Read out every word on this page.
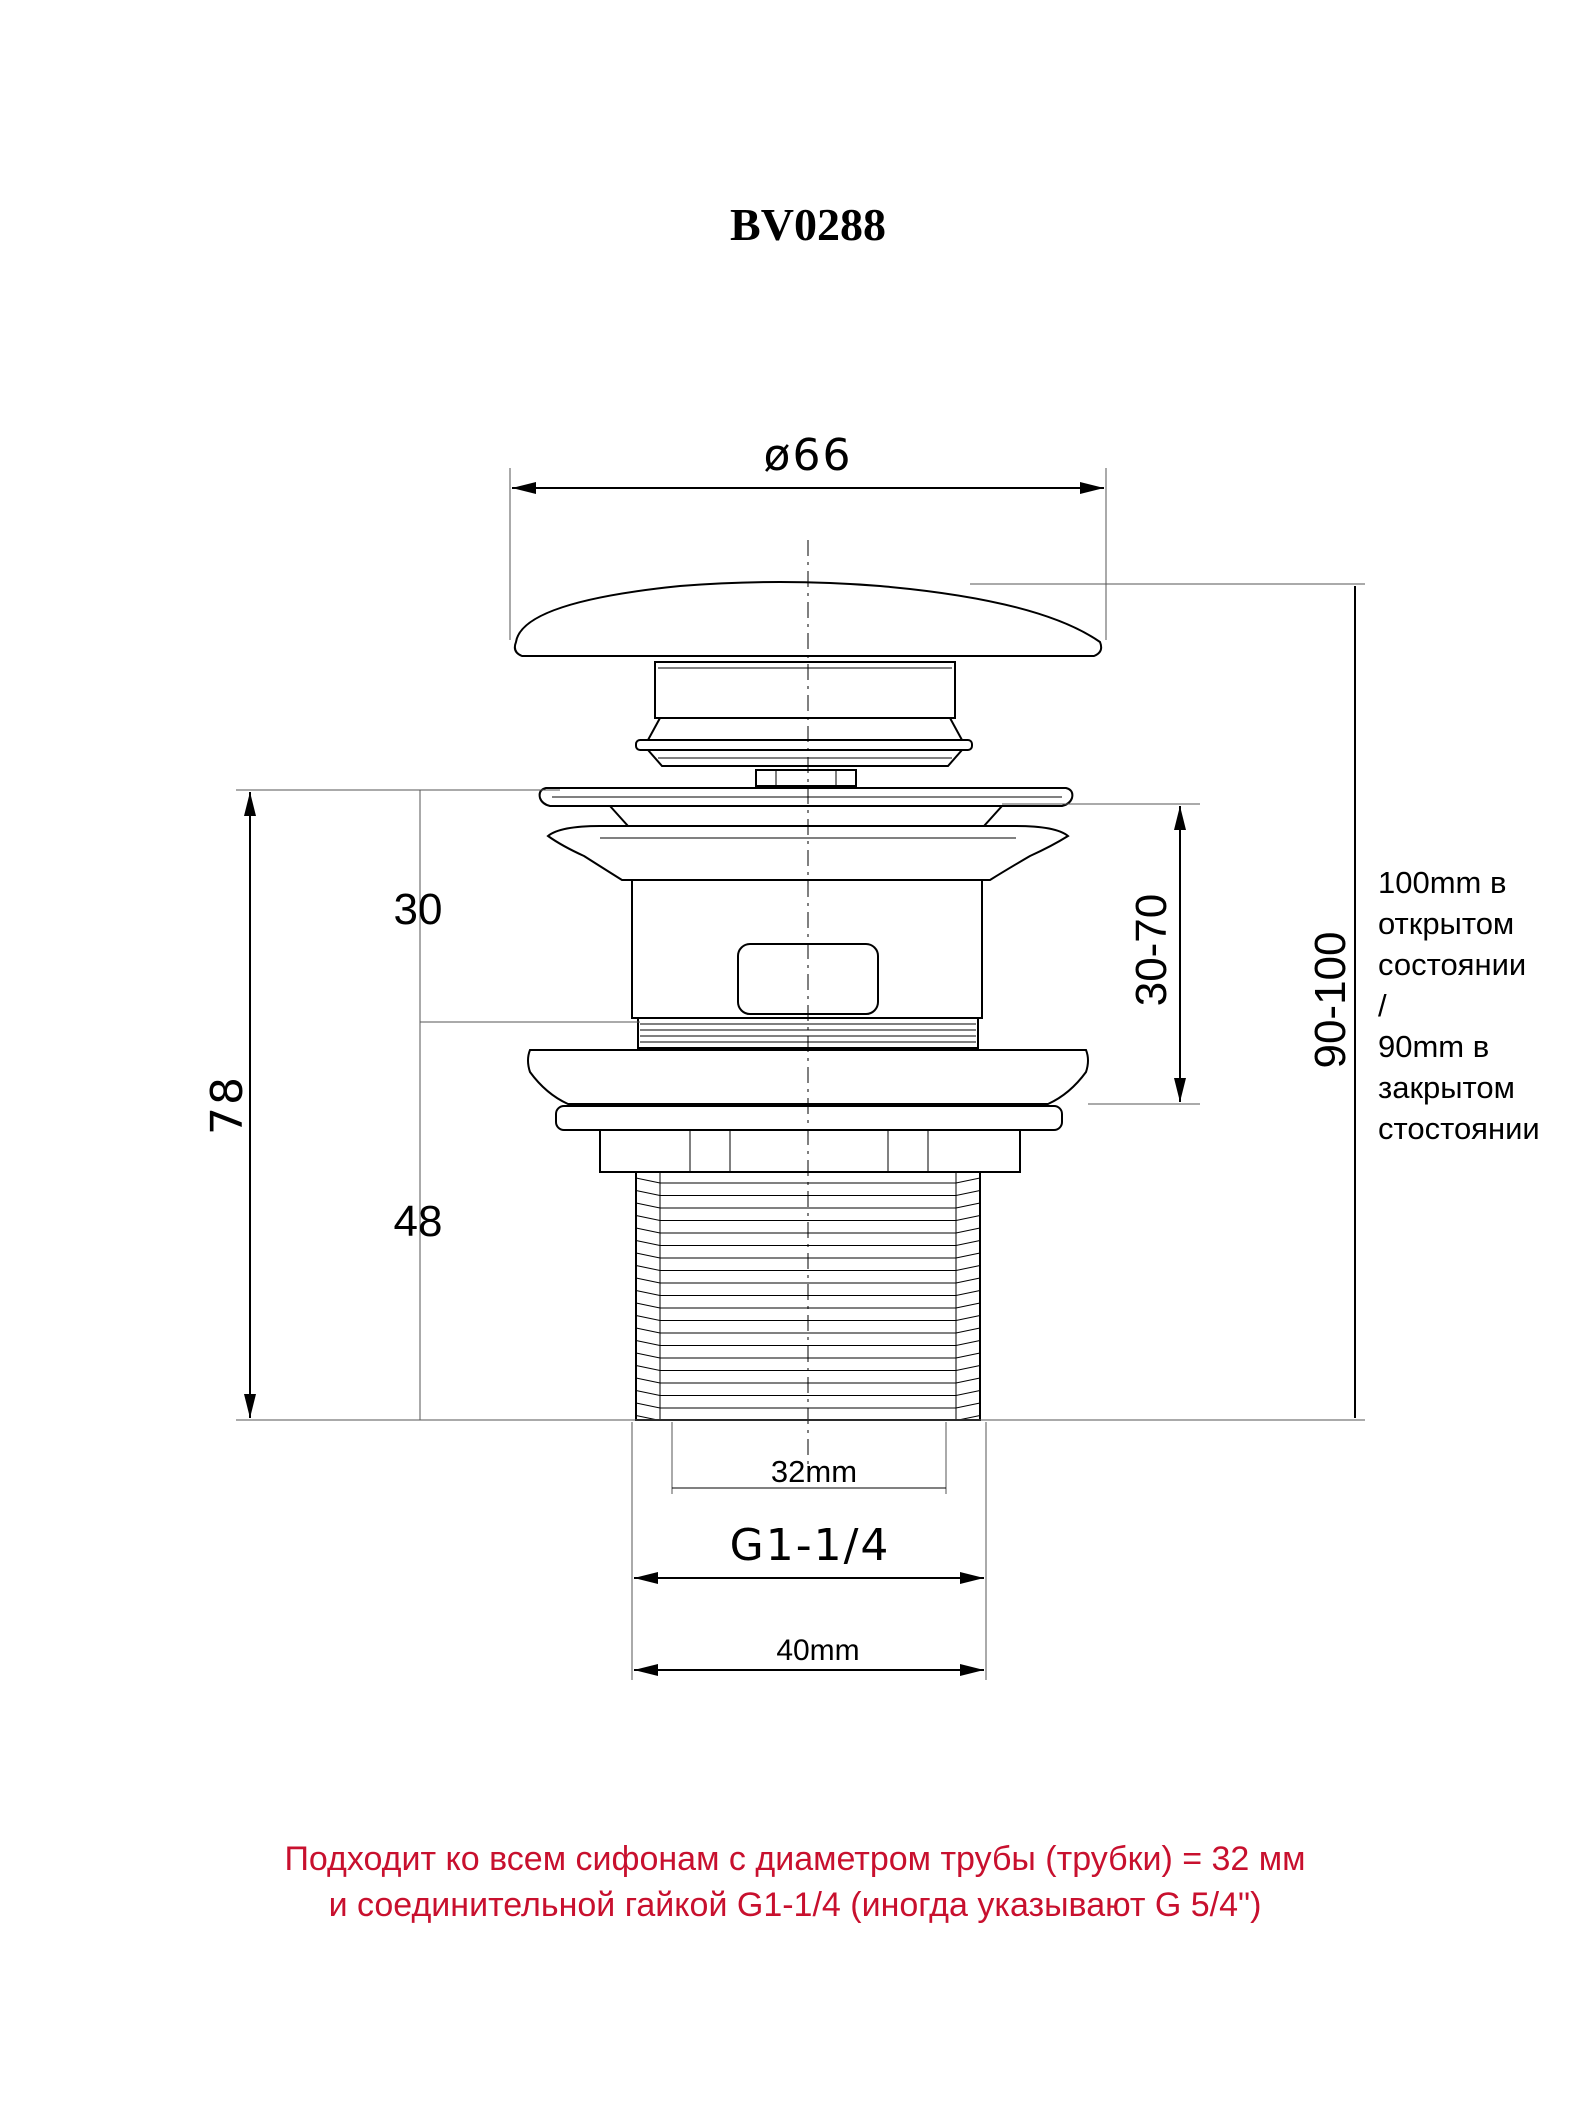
BV0288
ø66
90-100
30-70
78
30
48
32mm
G1-1/4
40mm
100mm в
открытом
состоянии
/
90mm в
закрытом
стостоянии
Подходит ко всем сифонам с диаметром трубы (трубки) = 32 мм
и соединительной гайкой G1-1/4 (иногда указывают G 5/4")
